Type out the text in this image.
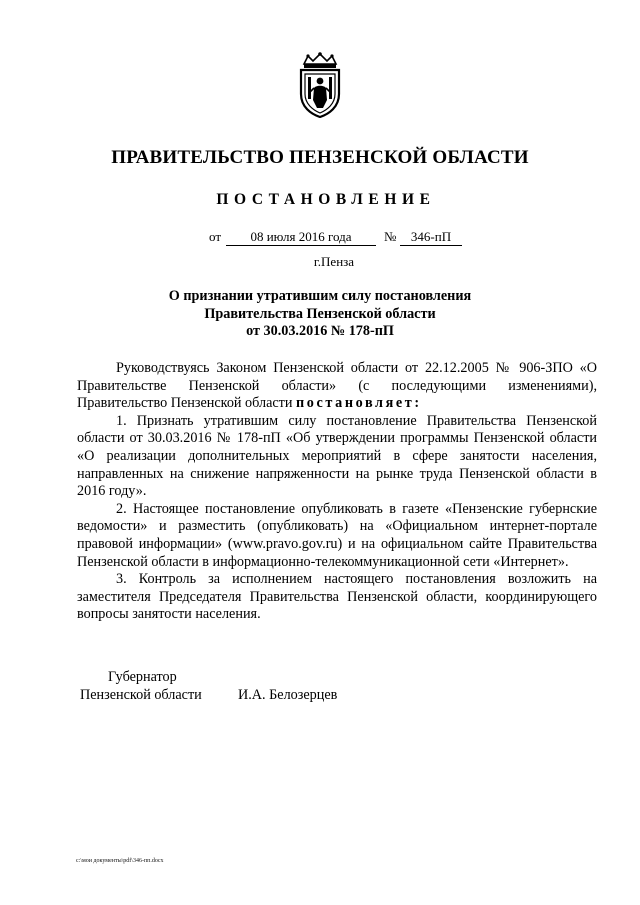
ПРАВИТЕЛЬСТВО ПЕНЗЕНСКОЙ ОБЛАСТИ
ПОСТАНОВЛЕНИЕ
от	08 июля 2016 года	№	346-пП
г.Пенза
О признании утратившим силу постановления
Правительства Пензенской области
от 30.03.2016 № 178-пП

Руководствуясь Законом Пензенской области от 22.12.2005 № 906-ЗПО «О Правительстве Пензенской области» (с последующими изменениями), Правительство Пензенской области постановляет:

1. Признать утратившим силу постановление Правительства Пензенской области от 30.03.2016 № 178-пП «Об утверждении программы Пензенской области «О реализации дополнительных мероприятий в сфере занятости населения, направленных на снижение напряженности на рынке труда Пензенской области в 2016 году».

2. Настоящее постановление опубликовать в газете «Пензенские губернские ведомости» и разместить (опубликовать) на «Официальном интернет-портале правовой информации» (www.pravo.gov.ru) и на официальном сайте Правительства Пензенской области в информационно-телекоммуникационной сети «Интернет».

3. Контроль за исполнением настоящего постановления возложить на заместителя Председателя Правительства Пензенской области, координирующего вопросы занятости населения.

Губернатор
Пензенской области	И.А. Белозерцев
c:\мои документы\pdf\346-пп.docx
